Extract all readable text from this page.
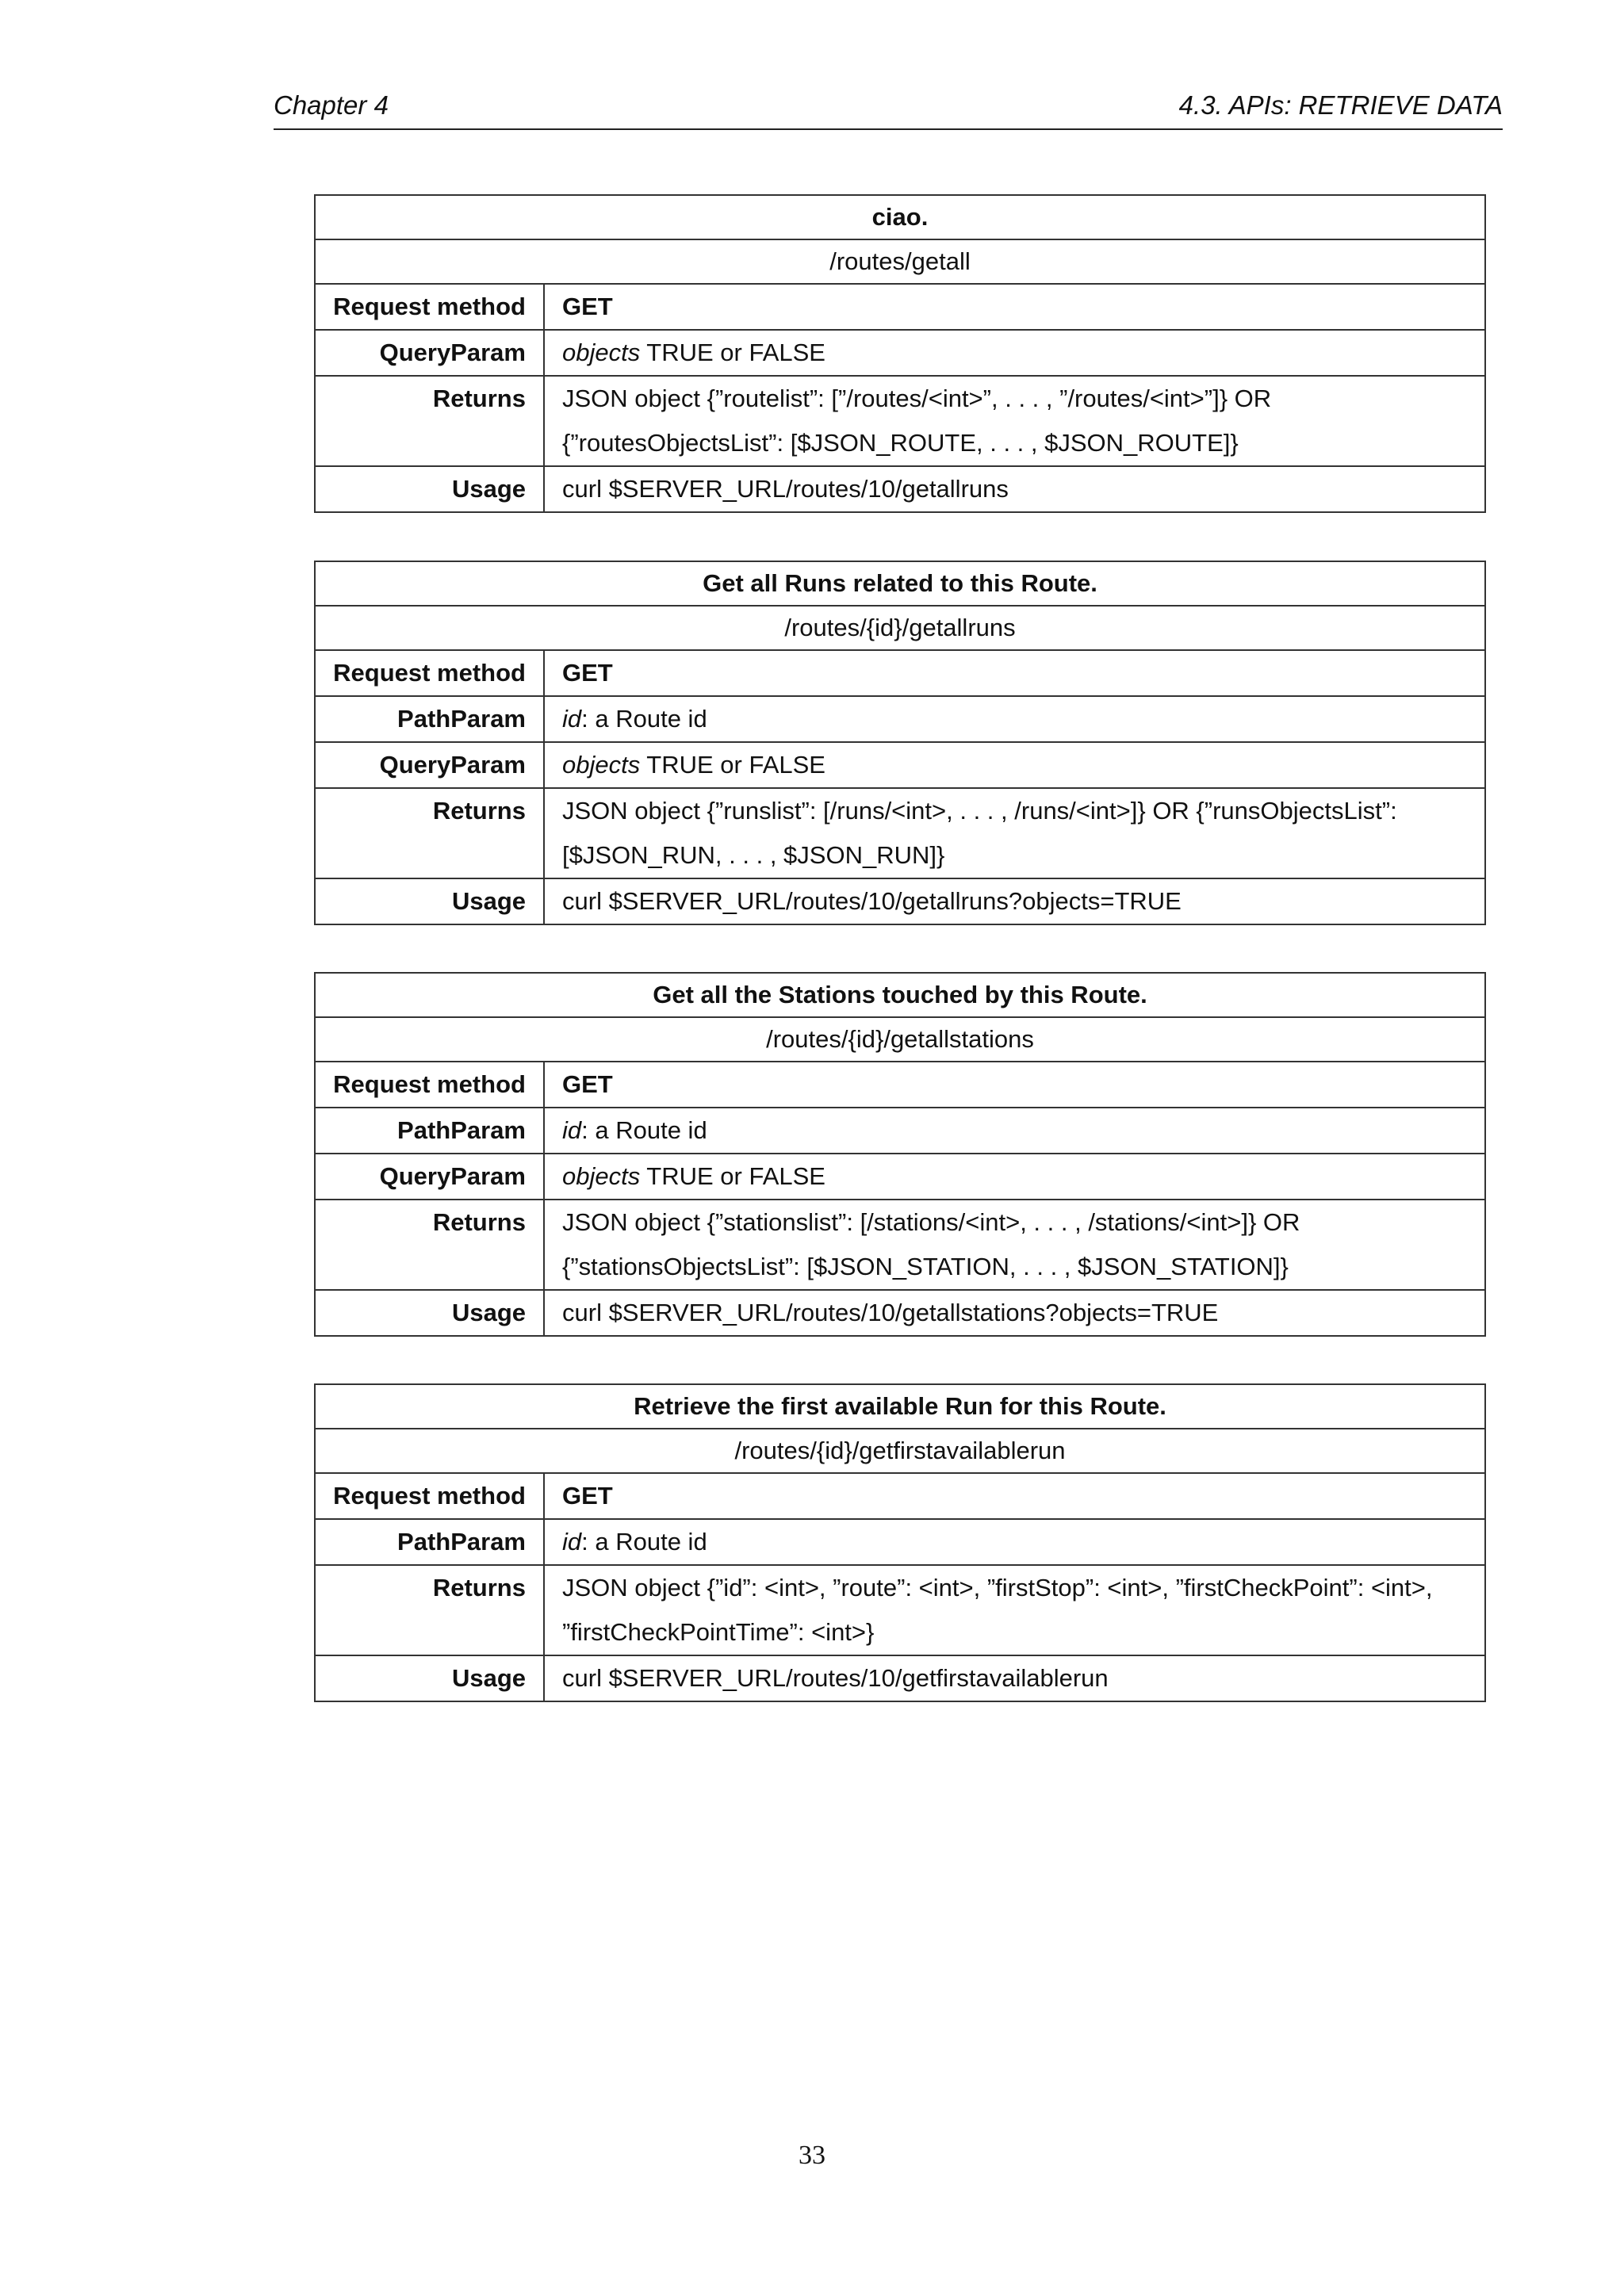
Chapter 4	4.3. APIs: RETRIEVE DATA
ciao.	
/routes/getall	
Request method	GET
QueryParam	objects TRUE or FALSE
Returns	JSON object {”routelist”: [”/routes/<int>”, . . . , ”/routes/<int>”]} OR {”routesObjectsList”: [$JSON_ROUTE, . . . , $JSON_ROUTE]}
Usage	curl $SERVER_URL/routes/10/getallruns
Get all Runs related to this Route.	
/routes/{id}/getallruns	
Request method	GET
PathParam	id: a Route id
QueryParam	objects TRUE or FALSE
Returns	JSON object {”runslist”: [/runs/<int>, . . . , /runs/<int>]} OR {”runsObjectsList”: [$JSON_RUN, . . . , $JSON_RUN]}
Usage	curl $SERVER_URL/routes/10/getallruns?objects=TRUE
Get all the Stations touched by this Route.	
/routes/{id}/getallstations	
Request method	GET
PathParam	id: a Route id
QueryParam	objects TRUE or FALSE
Returns	JSON object {”stationslist”: [/stations/<int>, . . . , /stations/<int>]} OR {”stationsObjectsList”: [$JSON_STATION, . . . , $JSON_STATION]}
Usage	curl $SERVER_URL/routes/10/getallstations?objects=TRUE
Retrieve the first available Run for this Route.	
/routes/{id}/getfirstavailablerun	
Request method	GET
PathParam	id: a Route id
Returns	JSON object {”id”: <int>, ”route”: <int>, ”firstStop”: <int>, ”firstCheckPoint”: <int>, ”firstCheckPointTime”: <int>}
Usage	curl $SERVER_URL/routes/10/getfirstavailablerun
33
